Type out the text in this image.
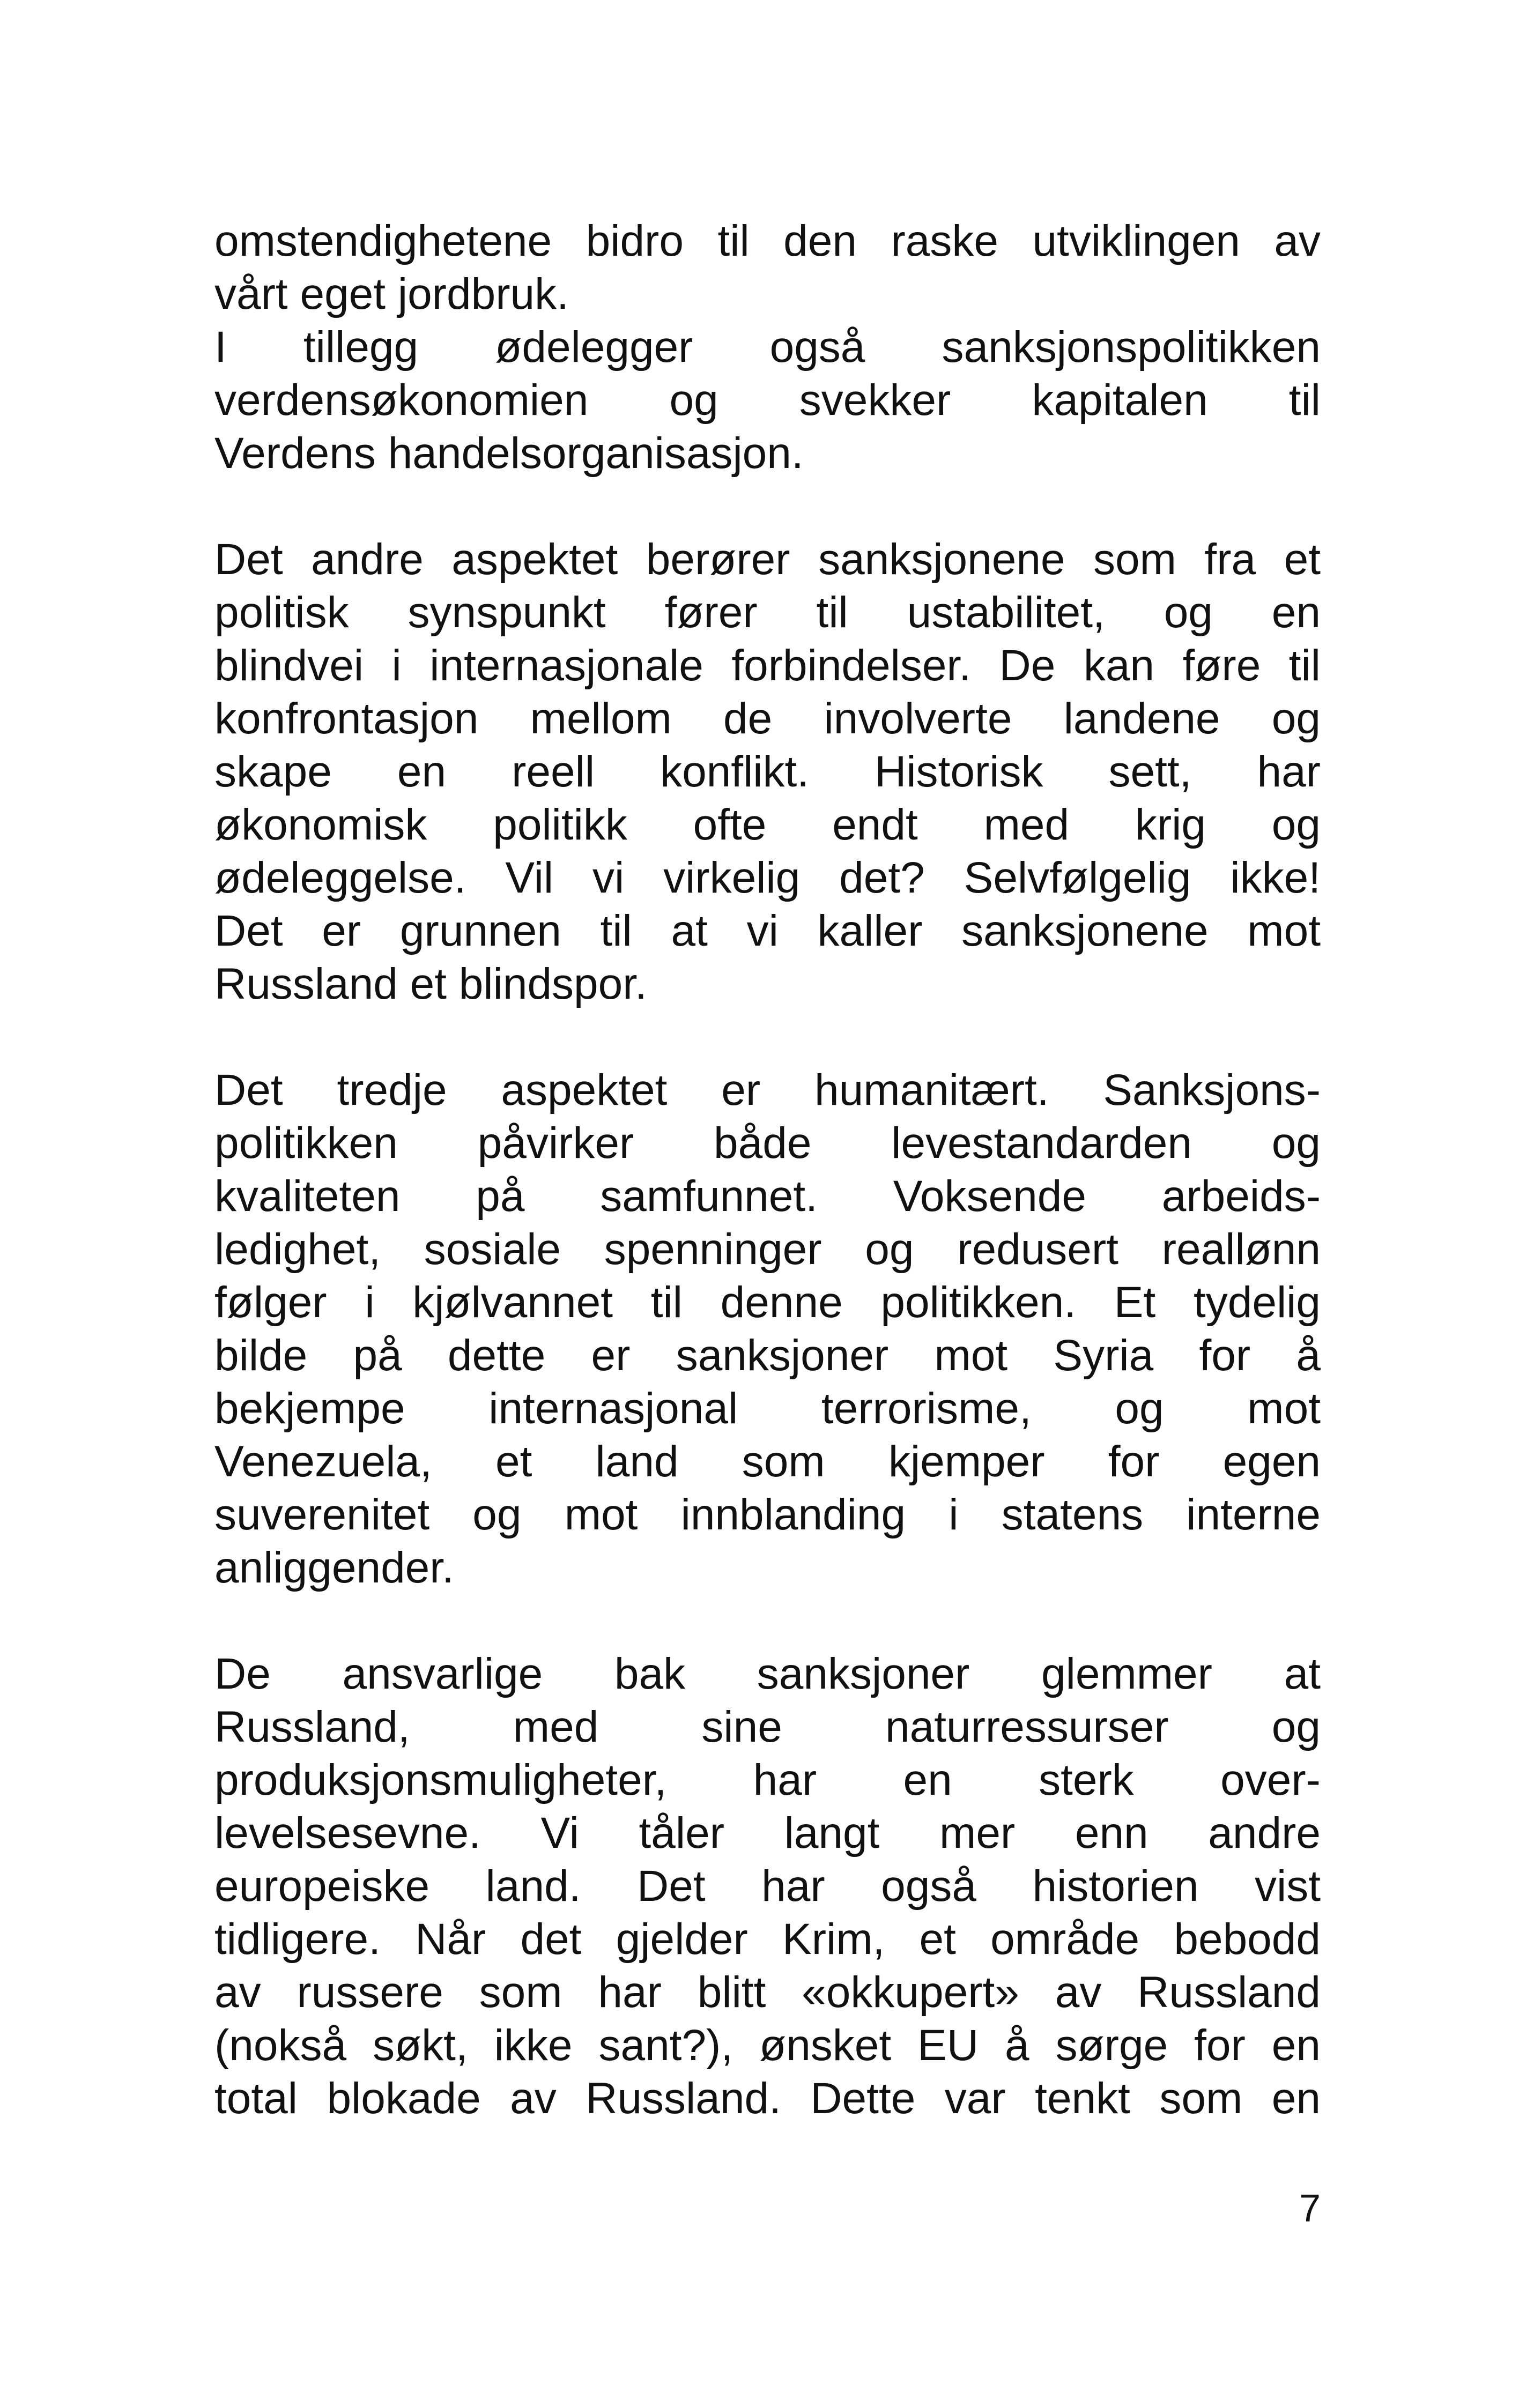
omstendighetene bidro til den raske utviklingen av
vårt eget jordbruk.
I tillegg ødelegger også sanksjonspolitikken
verdensøkonomien og svekker kapitalen til
Verdens handelsorganisasjon.
Det andre aspektet berører sanksjonene som fra et
politisk synspunkt fører til ustabilitet, og en
blindvei i internasjonale forbindelser. De kan føre til
konfrontasjon mellom de involverte landene og
skape en reell konflikt. Historisk sett, har
økonomisk politikk ofte endt med krig og
ødeleggelse. Vil vi virkelig det? Selvfølgelig ikke!
Det er grunnen til at vi kaller sanksjonene mot
Russland et blindspor.
Det tredje aspektet er humanitært. Sanksjons-
politikken påvirker både levestandarden og
kvaliteten på samfunnet. Voksende arbeids-
ledighet, sosiale spenninger og redusert reallønn
følger i kjølvannet til denne politikken. Et tydelig
bilde på dette er sanksjoner mot Syria for å
bekjempe internasjonal terrorisme, og mot
Venezuela, et land som kjemper for egen
suverenitet og mot innblanding i statens interne
anliggender.
De ansvarlige bak sanksjoner glemmer at
Russland, med sine naturressurser og
produksjonsmuligheter, har en sterk over-
levelsesevne. Vi tåler langt mer enn andre
europeiske land. Det har også historien vist
tidligere. Når det gjelder Krim, et område bebodd
av russere som har blitt «okkupert» av Russland
(nokså søkt, ikke sant?), ønsket EU å sørge for en
total blokade av Russland. Dette var tenkt som en
7
